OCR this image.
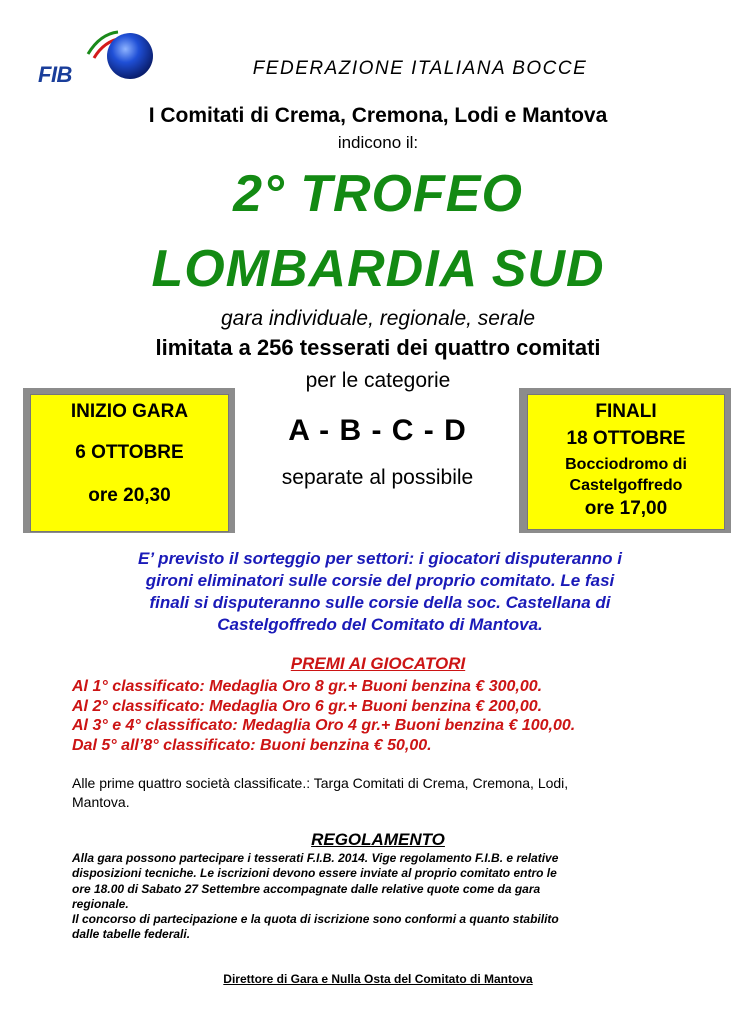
FIB	FEDERAZIONE ITALIANA BOCCE
I Comitati di Crema, Cremona, Lodi e Mantova
indicono il:
2° TROFEO
LOMBARDIA SUD
gara individuale, regionale, serale
limitata a 256 tesserati dei quattro comitati
per le categorie
INIZIO GARA
6 OTTOBRE
ore 20,30
A - B - C - D
separate al possibile
FINALI
18 OTTOBRE
Bocciodromo di
Castelgoffredo
ore 17,00
E’ previsto il sorteggio per settori: i giocatori disputeranno i
gironi eliminatori sulle corsie del proprio comitato. Le fasi
finali si disputeranno sulle corsie della soc. Castellana di
Castelgoffredo del Comitato di Mantova.
PREMI AI GIOCATORI
Al 1° classificato: Medaglia Oro 8 gr.+ Buoni benzina € 300,00.
Al 2° classificato: Medaglia Oro 6 gr.+ Buoni benzina € 200,00.
Al 3° e 4° classificato: Medaglia Oro 4 gr.+ Buoni benzina € 100,00.
Dal 5° all’8° classificato: Buoni benzina € 50,00.
Alle prime quattro società classificate.: Targa Comitati di Crema, Cremona, Lodi,
Mantova.
REGOLAMENTO
Alla gara possono partecipare i tesserati F.I.B. 2014. Vige regolamento F.I.B. e relative
disposizioni tecniche. Le iscrizioni devono essere inviate al proprio comitato entro le
ore 18.00 di Sabato 27 Settembre accompagnate dalle relative quote come da gara
regionale.
Il concorso di partecipazione e la quota di iscrizione sono conformi a quanto stabilito
dalle tabelle federali.
Direttore di Gara e Nulla Osta del Comitato di Mantova
